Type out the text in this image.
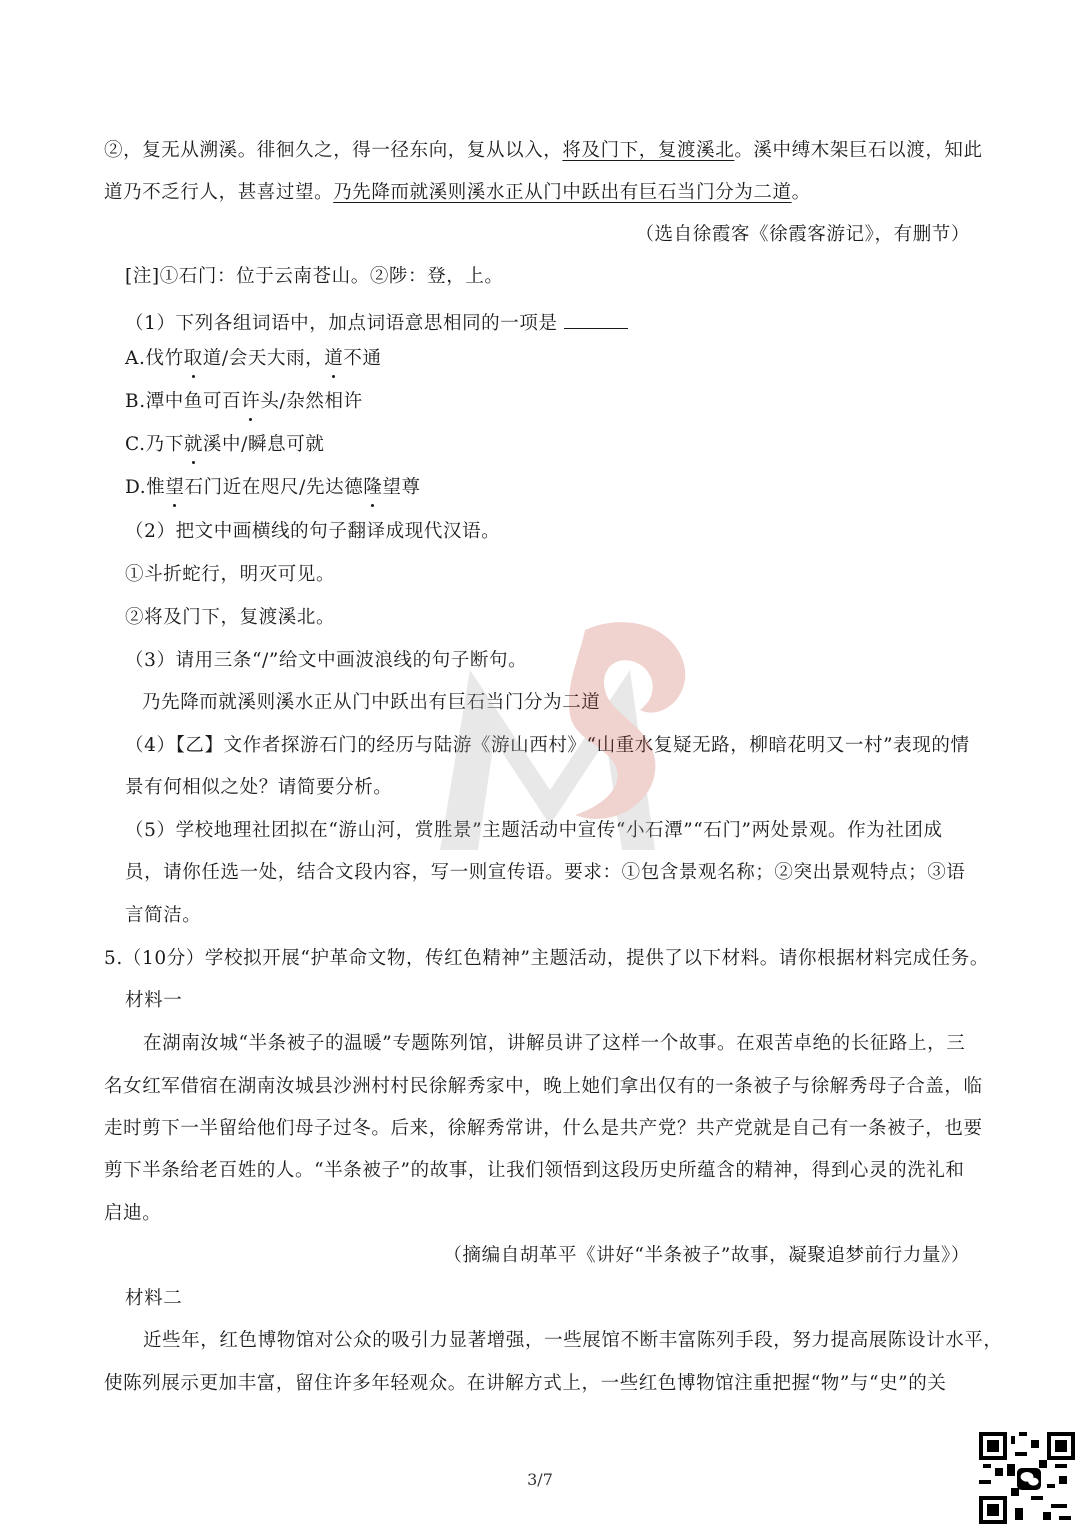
②，复无从溯溪。徘徊久之，得一径东向，复从以入，将及门下，复渡溪北。溪中缚木架巨石以渡，知此
道乃不乏行人，甚喜过望。乃先降而就溪则溪水正从门中跃出有巨石当门分为二道。
（选自徐霞客《徐霞客游记》，有删节）
[注]①石门：位于云南苍山。②陟：登，上。
（1）下列各组词语中，加点词语意思相同的一项是
A.伐竹取道/会天大雨，道不通
B.潭中鱼可百许头/杂然相许
C.乃下就溪中/瞬息可就
D.惟望石门近在咫尺/先达德隆望尊
（2）把文中画横线的句子翻译成现代汉语。
①斗折蛇行，明灭可见。
②将及门下，复渡溪北。
（3）请用三条“/”给文中画波浪线的句子断句。
乃先降而就溪则溪水正从门中跃出有巨石当门分为二道
（4）【乙】文作者探游石门的经历与陆游《游山西村》“山重水复疑无路，柳暗花明又一村”表现的情
景有何相似之处？请简要分析。
（5）学校地理社团拟在“游山河，赏胜景”主题活动中宣传“小石潭”“石门”两处景观。作为社团成
员，请你任选一处，结合文段内容，写一则宣传语。要求：①包含景观名称；②突出景观特点；③语
言简洁。
5.（10分）学校拟开展“护革命文物，传红色精神”主题活动，提供了以下材料。请你根据材料完成任务。
材料一
在湖南汝城“半条被子的温暖”专题陈列馆，讲解员讲了这样一个故事。在艰苦卓绝的长征路上，三
名女红军借宿在湖南汝城县沙洲村村民徐解秀家中，晚上她们拿出仅有的一条被子与徐解秀母子合盖，临
走时剪下一半留给他们母子过冬。后来，徐解秀常讲，什么是共产党？共产党就是自己有一条被子，也要
剪下半条给老百姓的人。“半条被子”的故事，让我们领悟到这段历史所蕴含的精神，得到心灵的洗礼和
启迪。
（摘编自胡革平《讲好“半条被子”故事，凝聚追梦前行力量》）
材料二
近些年，红色博物馆对公众的吸引力显著增强，一些展馆不断丰富陈列手段，努力提高展陈设计水平，
使陈列展示更加丰富，留住许多年轻观众。在讲解方式上，一些红色博物馆注重把握“物”与“史”的关
3/7
